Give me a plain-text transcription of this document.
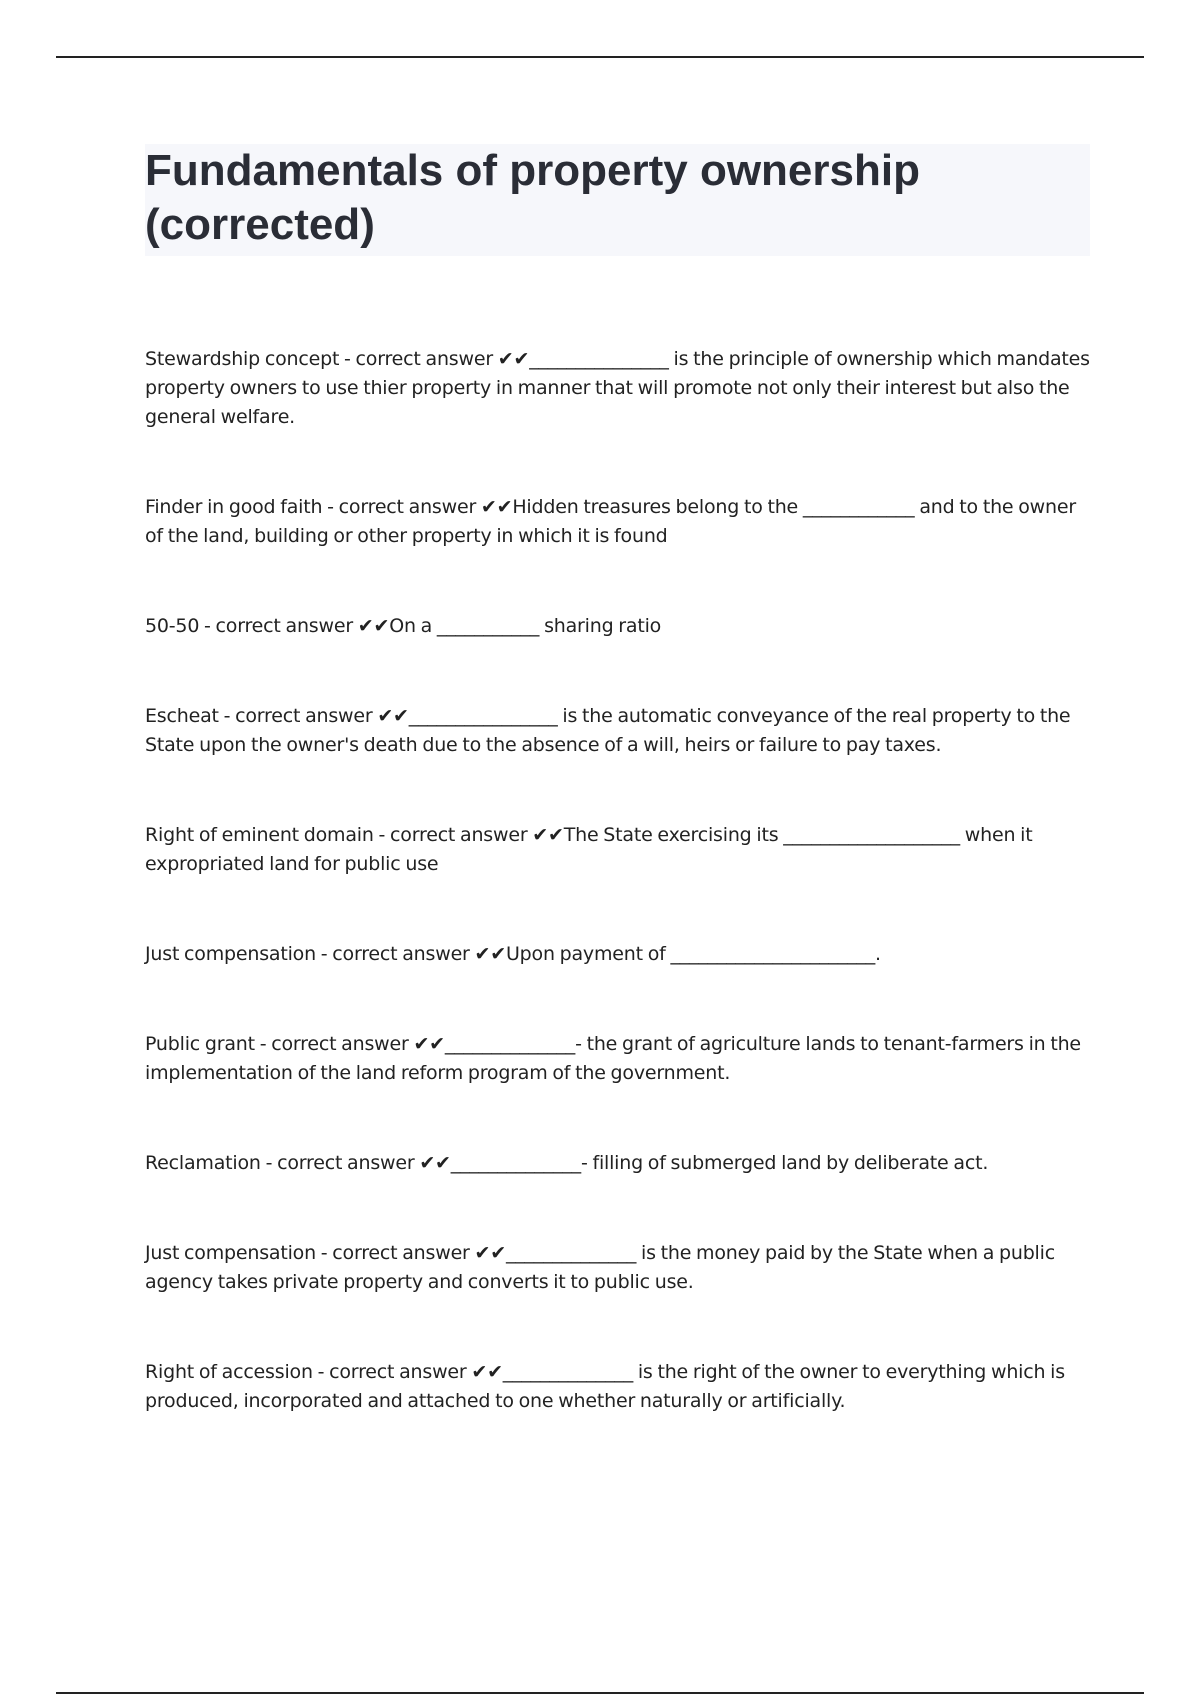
Fundamentals of property ownership (corrected)

Stewardship concept - correct answer ✔✔_______________ is the principle of ownership which mandates property owners to use thier property in manner that will promote not only their interest but also the general welfare.

Finder in good faith - correct answer ✔✔Hidden treasures belong to the ____________ and to the owner of the land, building or other property in which it is found

50-50 - correct answer ✔✔On a ___________ sharing ratio

Escheat - correct answer ✔✔________________ is the automatic conveyance of the real property to the State upon the owner's death due to the absence of a will, heirs or failure to pay taxes.

Right of eminent domain - correct answer ✔✔The State exercising its ___________________ when it expropriated land for public use

Just compensation - correct answer ✔✔Upon payment of ______________________.

Public grant - correct answer ✔✔______________- the grant of agriculture lands to tenant-farmers in the implementation of the land reform program of the government.

Reclamation - correct answer ✔✔______________- filling of submerged land by deliberate act.

Just compensation - correct answer ✔✔______________ is the money paid by the State when a public agency takes private property and converts it to public use.

Right of accession - correct answer ✔✔______________ is the right of the owner to everything which is produced, incorporated and attached to one whether naturally or artificially.
